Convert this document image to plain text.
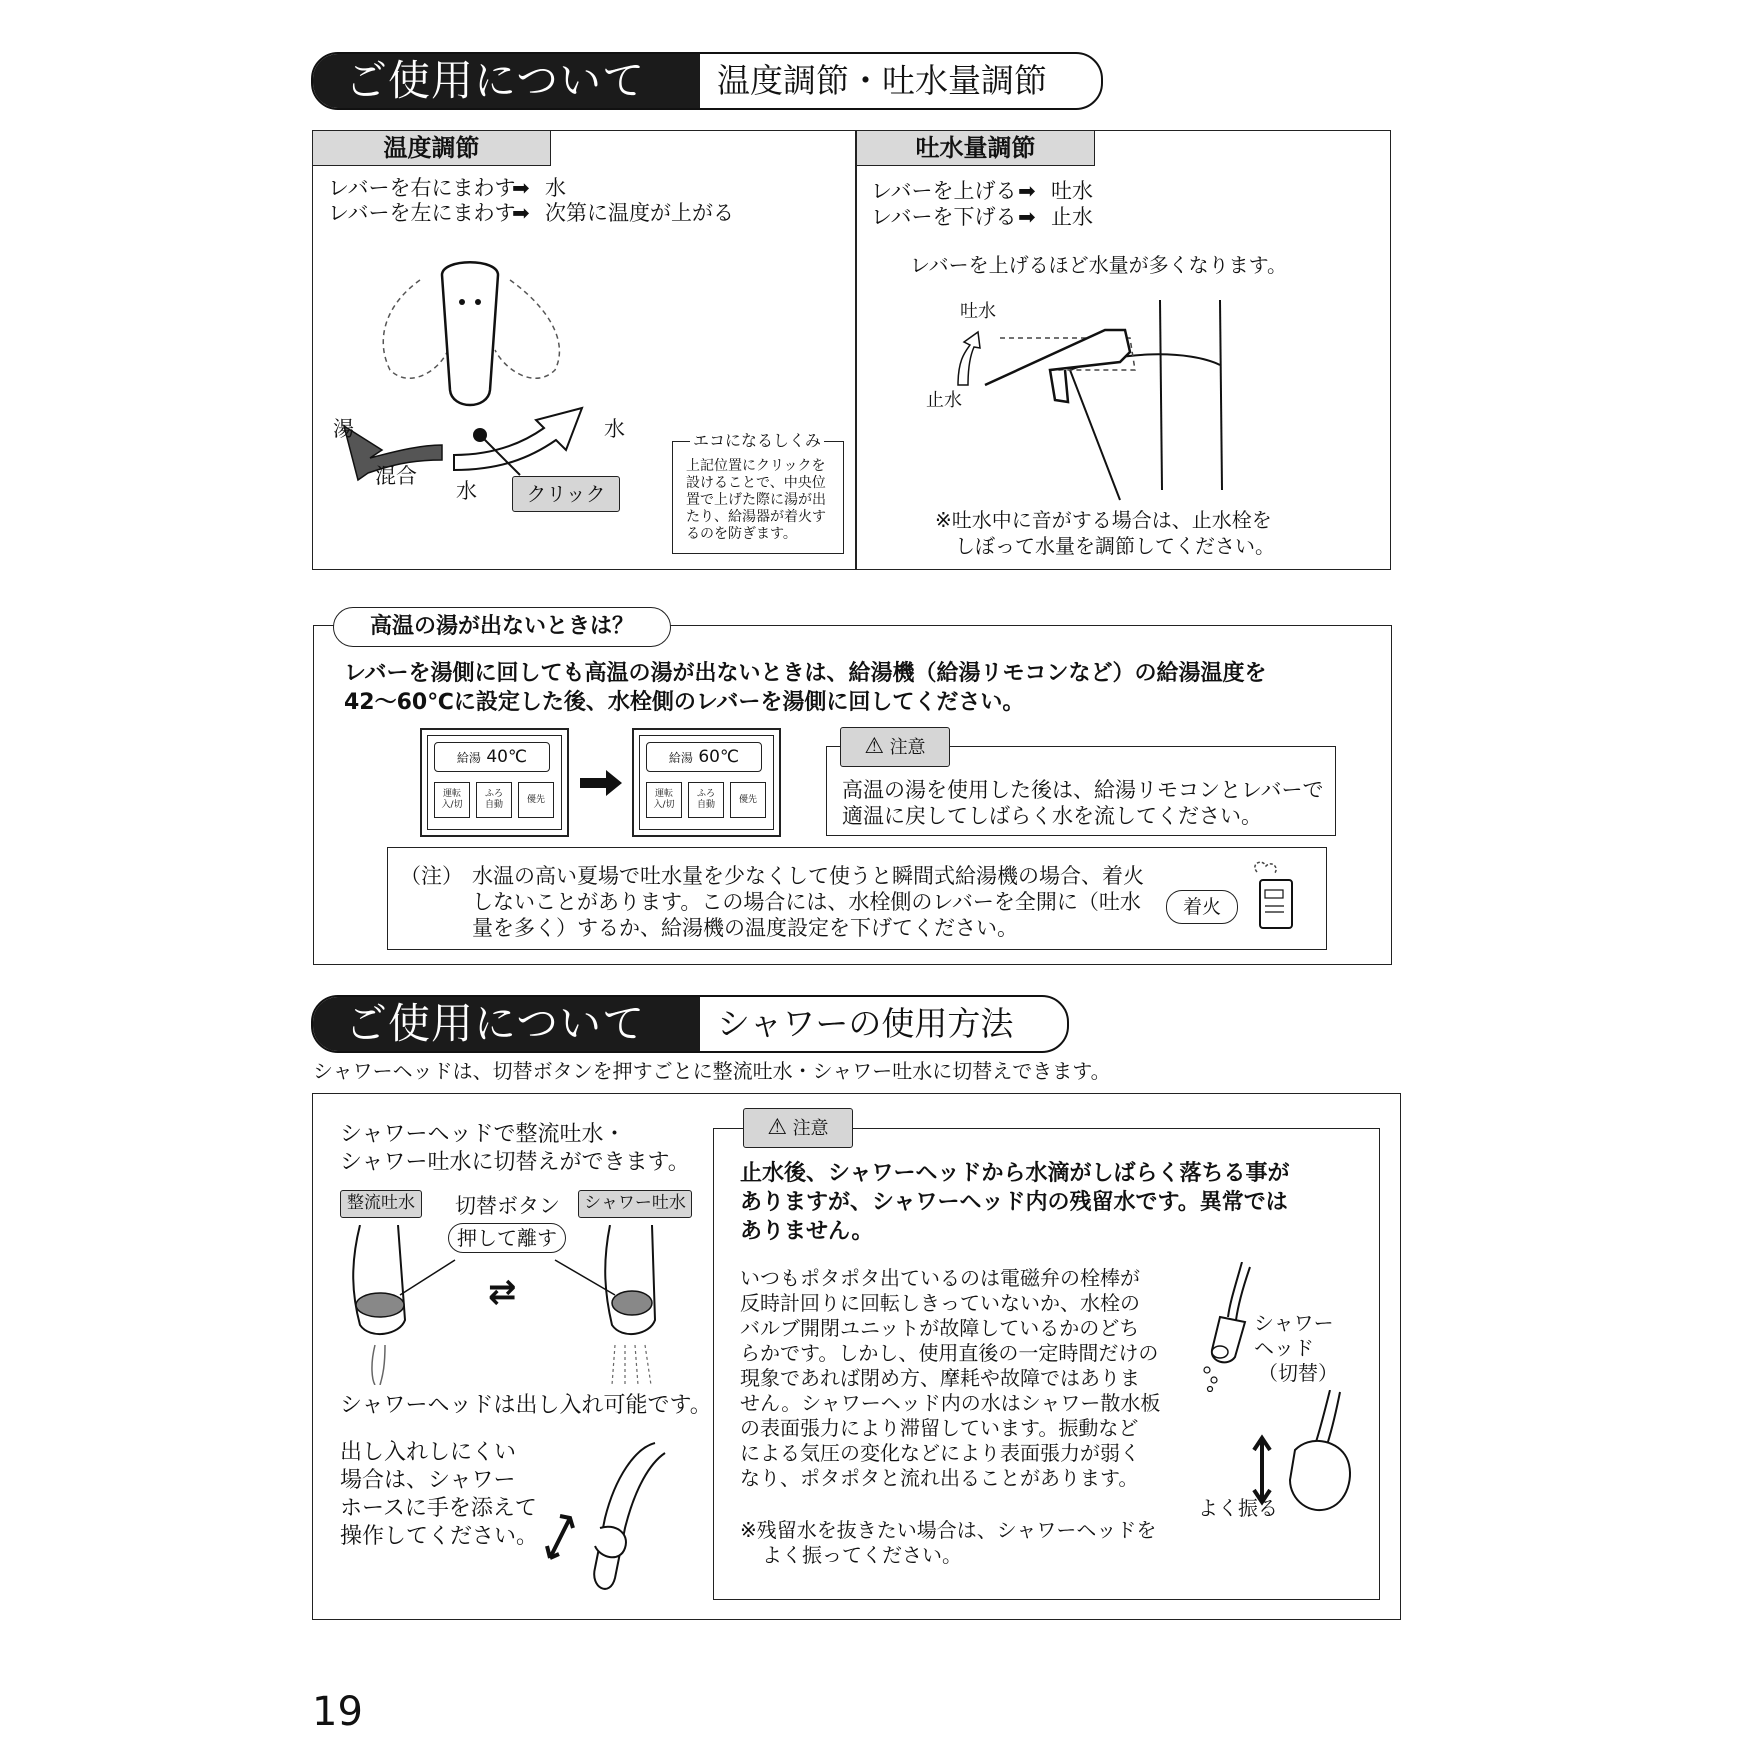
ご使用について	温度調節・吐水量調節
温度調節
レバーを右にまわす
➡ 水
レバーを左にまわす
➡ 次第に温度が上がる
湯
混合
水
水
クリック
エコになるしくみ
上記位置にクリックを
設けることで、中央位
置で上げた際に湯が出
たり、給湯器が着火す
るのを防ぎます。
吐水量調節
レバーを上げる ➡ 吐水
レバーを下げる ➡ 止水
レバーを上げるほど水量が多くなります。
吐水
止水
※吐水中に音がする場合は、止水栓を
しぼって水量を調節してください。
高温の湯が出ないときは？
レバーを湯側に回しても高温の湯が出ないときは、給湯機（給湯リモコンなど）の給湯温度を
42～60℃に設定した後、水栓側のレバーを湯側に回してください。
給湯 40℃
運転
入/切
ふろ
自動
優先
給湯 60℃
運転
入/切
ふろ
自動
優先
⚠ 注意
高温の湯を使用した後は、給湯リモコンとレバーで
適温に戻してしばらく水を流してください。
（注） 水温の高い夏場で吐水量を少なくして使うと瞬間式給湯機の場合、着火
しないことがあります。この場合には、水栓側のレバーを全開に（吐水
量を多く）するか、給湯機の温度設定を下げてください。
着火
ご使用について	シャワーの使用方法
シャワーヘッドは、切替ボタンを押すごとに整流吐水・シャワー吐水に切替えできます。
シャワーヘッドで整流吐水・
シャワー吐水に切替えができます。
整流吐水	切替ボタン	シャワー吐水
押して離す
⇄
シャワーヘッドは出し入れ可能です。
出し入れしにくい
場合は、シャワー
ホースに手を添えて
操作してください。
⚠ 注意
止水後、シャワーヘッドから水滴がしばらく落ちる事が
ありますが、シャワーヘッド内の残留水です。異常では
ありません。
いつもポタポタ出ているのは電磁弁の栓棒が
反時計回りに回転しきっていないか、水栓の
バルブ開閉ユニットが故障しているかのどち
らかです。しかし、使用直後の一定時間だけの
現象であれば閉め方、摩耗や故障ではありま
せん。シャワーヘッド内の水はシャワー散水板
の表面張力により滞留しています。振動など
による気圧の変化などにより表面張力が弱く
なり、ポタポタと流れ出ることがあります。
※残留水を抜きたい場合は、シャワーヘッドを
よく振ってください。
シャワー
ヘッド
（切替）
よく振る
19
